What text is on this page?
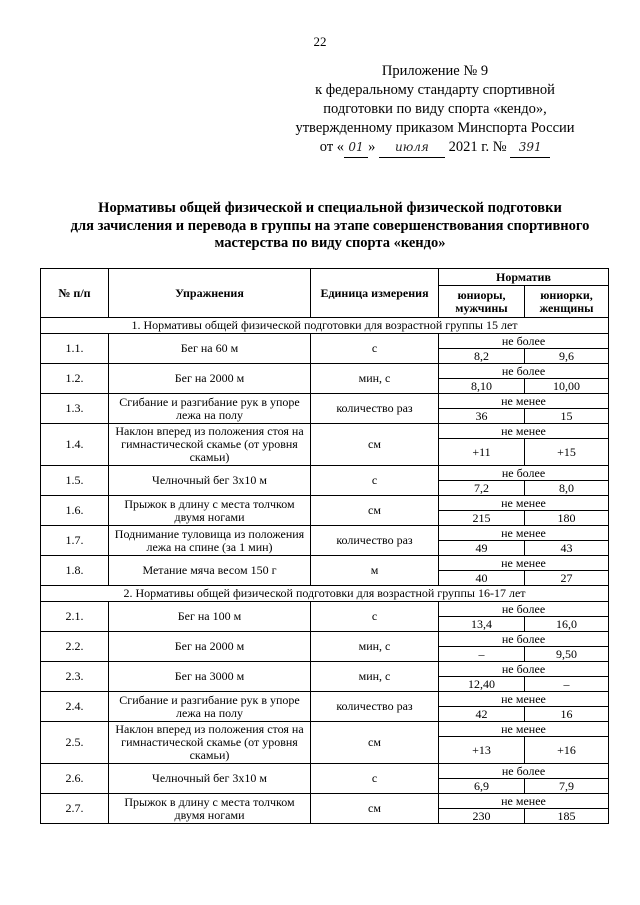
22
Приложение № 9
к федеральному стандарту спортивной
подготовки по виду спорта «кендо»,
утвержденному приказом Минспорта России
от « 01 » июля 2021 г. № 391
Нормативы общей физической и специальной физической подготовки
для зачисления и перевода в группы на этапе совершенствования спортивного
мастерства по виду спорта «кендо»
№ п/п	Упражнения	Единица измерения	Норматив	
			юниоры, мужчины	юниорки, женщины
1. Нормативы общей физической подготовки для возрастной группы 15 лет				
1.1.	Бег на 60 м	с	не более	
			8,2	9,6
1.2.	Бег на 2000 м	мин, с	не более	
			8,10	10,00
1.3.	Сгибание и разгибание рук в упоре лежа на полу	количество раз	не менее	
			36	15
1.4.	Наклон вперед из положения стоя на гимнастической скамье (от уровня скамьи)	см	не менее	
			+11	+15
1.5.	Челночный бег 3х10 м	с	не более	
			7,2	8,0
1.6.	Прыжок в длину с места толчком двумя ногами	см	не менее	
			215	180
1.7.	Поднимание туловища из положения лежа на спине (за 1 мин)	количество раз	не менее	
			49	43
1.8.	Метание мяча весом 150 г	м	не менее	
			40	27
2. Нормативы общей физической подготовки для возрастной группы 16-17 лет				
2.1.	Бег на 100 м	с	не более	
			13,4	16,0
2.2.	Бег на 2000 м	мин, с	не более	
			–	9,50
2.3.	Бег на 3000 м	мин, с	не более	
			12,40	–
2.4.	Сгибание и разгибание рук в упоре лежа на полу	количество раз	не менее	
			42	16
2.5.	Наклон вперед из положения стоя на гимнастической скамье (от уровня скамьи)	см	не менее	
			+13	+16
2.6.	Челночный бег 3х10 м	с	не более	
			6,9	7,9
2.7.	Прыжок в длину с места толчком двумя ногами	см	не менее	
			230	185
